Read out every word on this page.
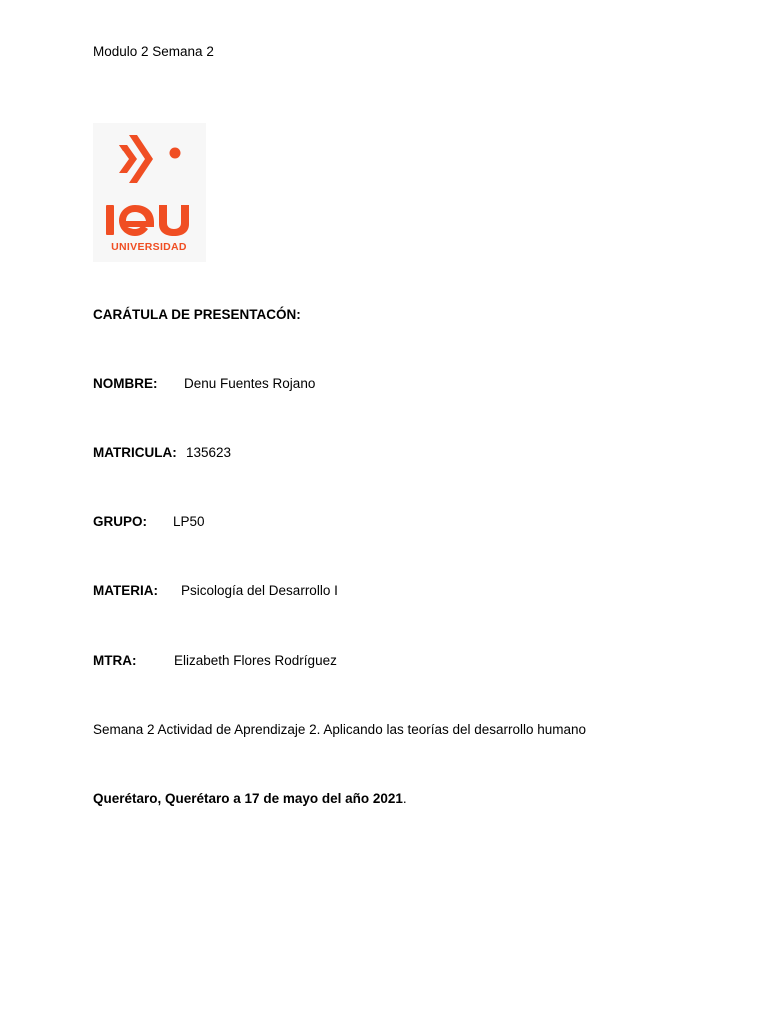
Modulo 2 Semana 2
UNIVERSIDAD
CARÁTULA DE PRESENTACÓN:
NOMBRE: Denu Fuentes Rojano
MATRICULA: 135623
GRUPO: LP50
MATERIA: Psicología del Desarrollo I
MTRA:	Elizabeth Flores Rodríguez
Semana 2 Actividad de Aprendizaje 2. Aplicando las teorías del desarrollo humano
Querétaro, Querétaro a 17 de mayo del año 2021.
